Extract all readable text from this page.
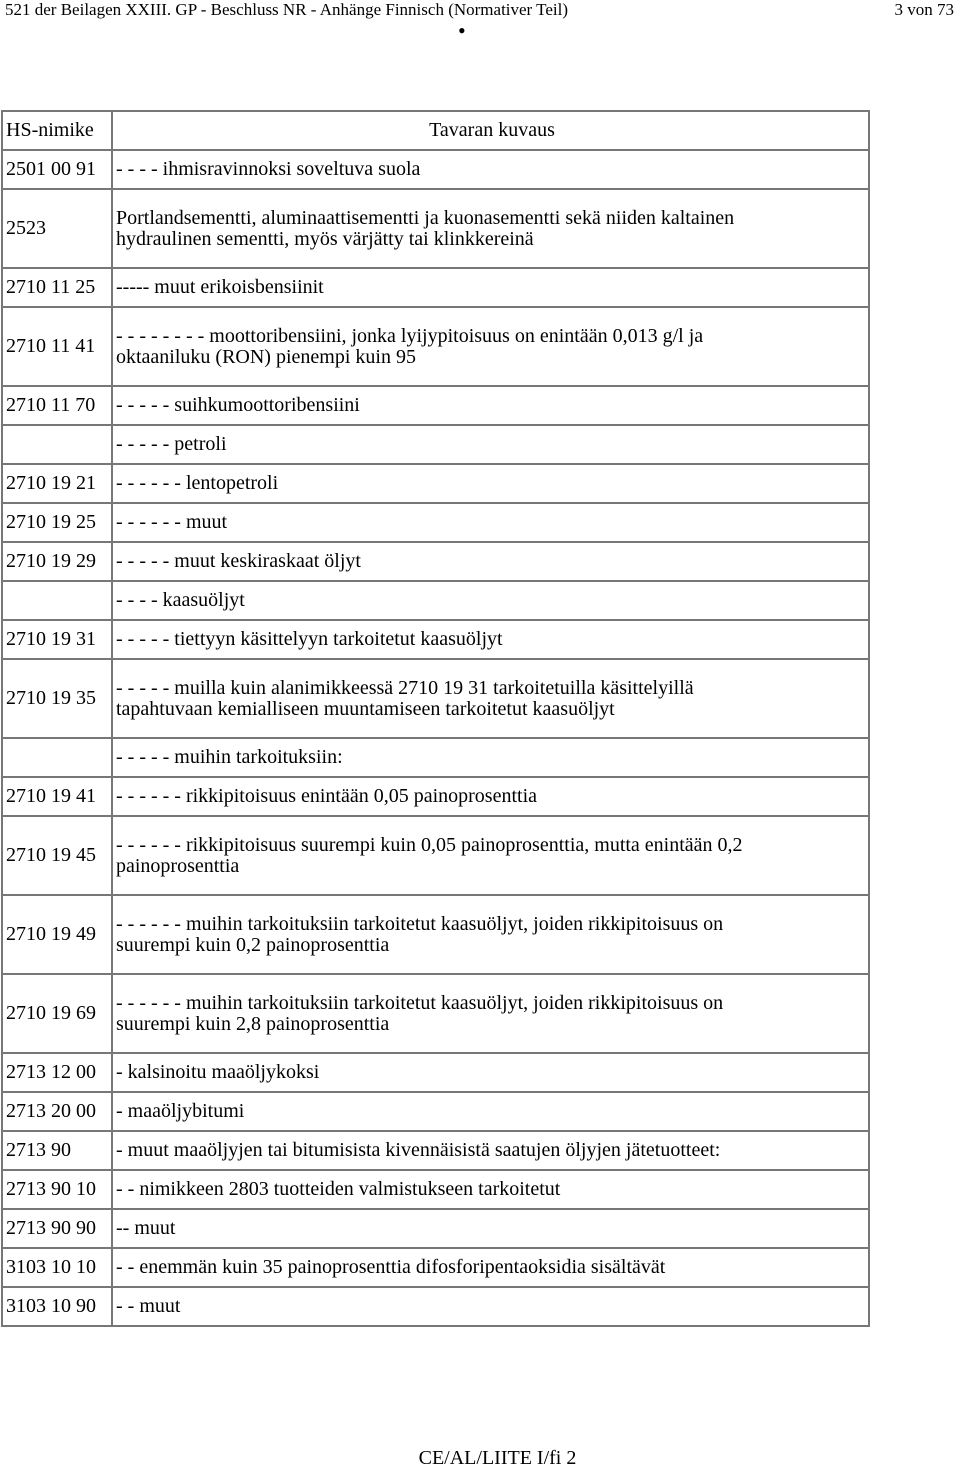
521 der Beilagen XXIII. GP - Beschluss NR - Anhänge Finnisch (Normativer Teil)	3 von 73
•
HS-nimike	Tavaran kuvaus
2501 00 91	- - - - ihmisravinnoksi soveltuva suola
2523	Portlandsementti, aluminaattisementti ja kuonasementti sekä niiden kaltainen
hydraulinen sementti, myös värjätty tai klinkkereinä
2710 11 25	----- muut erikoisbensiinit
2710 11 41	- - - - - - - - moottoribensiini, jonka lyijypitoisuus on enintään 0,013 g/l ja
oktaaniluku (RON) pienempi kuin 95
2710 11 70	- - - - - suihkumoottoribensiini
	- - - - - petroli
2710 19 21	- - - - - - lentopetroli
2710 19 25	- - - - - - muut
2710 19 29	- - - - - muut keskiraskaat öljyt
	- - - - kaasuöljyt
2710 19 31	- - - - - tiettyyn käsittelyyn tarkoitetut kaasuöljyt
2710 19 35	- - - - - muilla kuin alanimikkeessä 2710 19 31 tarkoitetuilla käsittelyillä
tapahtuvaan kemialliseen muuntamiseen tarkoitetut kaasuöljyt
	- - - - - muihin tarkoituksiin:
2710 19 41	- - - - - - rikkipitoisuus enintään 0,05 painoprosenttia
2710 19 45	- - - - - - rikkipitoisuus suurempi kuin 0,05 painoprosenttia, mutta enintään 0,2
painoprosenttia
2710 19 49	- - - - - - muihin tarkoituksiin tarkoitetut kaasuöljyt, joiden rikkipitoisuus on
suurempi kuin 0,2 painoprosenttia
2710 19 69	- - - - - - muihin tarkoituksiin tarkoitetut kaasuöljyt, joiden rikkipitoisuus on
suurempi kuin 2,8 painoprosenttia
2713 12 00	- kalsinoitu maaöljykoksi
2713 20 00	- maaöljybitumi
2713 90	- muut maaöljyjen tai bitumisista kivennäisistä saatujen öljyjen jätetuotteet:
2713 90 10	- - nimikkeen 2803 tuotteiden valmistukseen tarkoitetut
2713 90 90	-- muut
3103 10 10	- - enemmän kuin 35 painoprosenttia difosforipentaoksidia sisältävät
3103 10 90	- - muut
CE/AL/LIITE I/fi 2
